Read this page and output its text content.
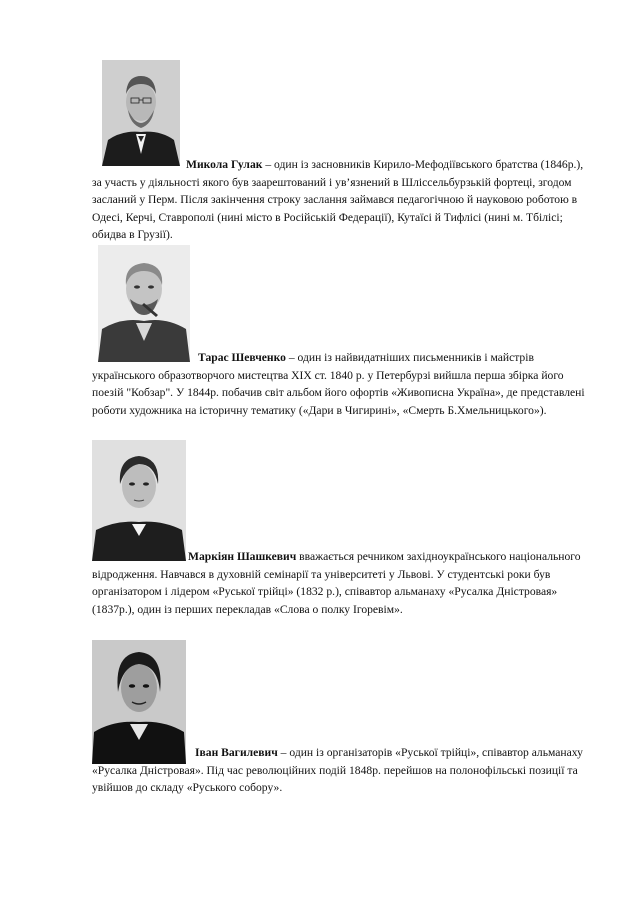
Микола Гулак – один із засновників Кирило-Мефодіївського братства (1846р.), за участь у діяльності якого був заарештований і ув’язнений в Шліссельбурзькій фортеці, згодом засланий у Перм. Після закінчення строку заслання займався педагогічною й науковою роботою в Одесі, Керчі, Ставрополі (нині місто в Російській Федерації), Кутаїсі й Тифлісі (нині м. Тбілісі; обидва в Грузії).

Тарас Шевченко – один із найвидатніших письменників і майстрів українського образотворчого мистецтва XIX ст. 1840 р. у Петербурзі вийшла перша збірка його поезій "Кобзар". У 1844р. побачив світ альбом його офортів «Живописна Україна», де представлені роботи художника на історичну тематику («Дари в Чигирині», «Смерть Б.Хмельницького»).

Маркіян Шашкевич вважається речником західноукраїнського національного відродження. Навчався в духовній семінарії та університеті у Львові. У студентські роки був організатором і лідером «Руської трійці» (1832 р.), співавтор альманаху «Русалка Дністровая» (1837р.), один із перших перекладав «Слова о полку Ігоревім».

Іван Вагилевич – один із організаторів «Руської трійці», співавтор альманаху «Русалка Дністровая». Під час революційних подій 1848р. перейшов на полонофільські позиції та увійшов до складу «Руського собору».
